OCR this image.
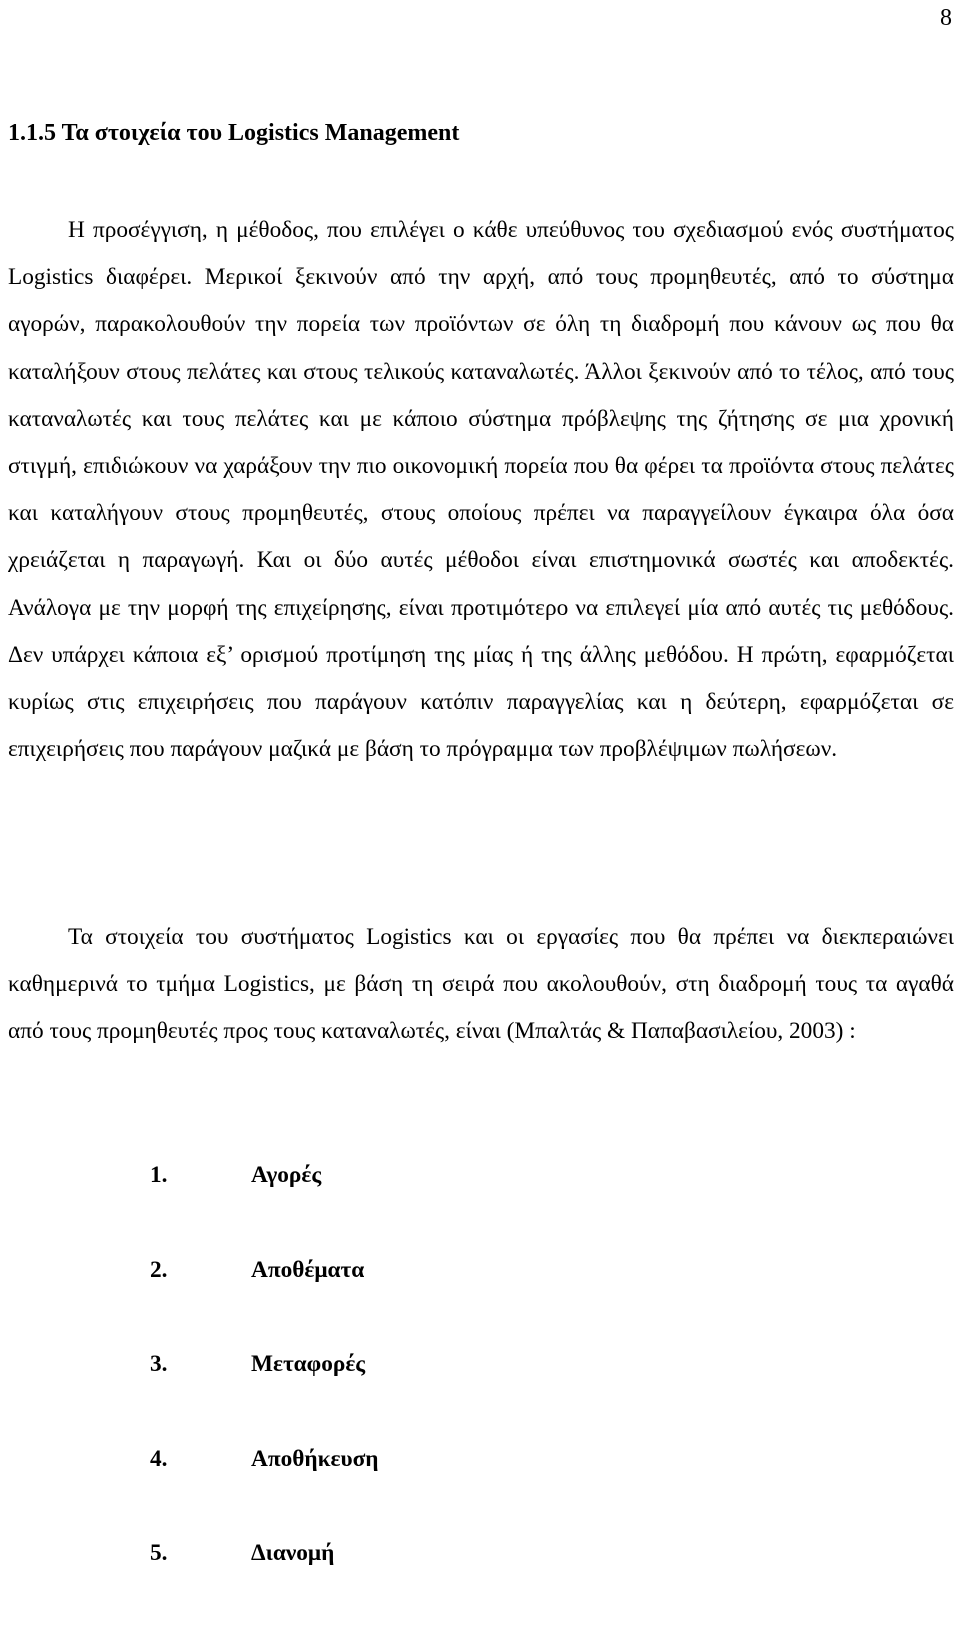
8
1.1.5 Τα στοιχεία του Logistics Management

Η προσέγγιση, η μέθοδος, που επιλέγει ο κάθε υπεύθυνος του σχεδιασμού ενός συστήματος Logistics διαφέρει. Μερικοί ξεκινούν από την αρχή, από τους προμηθευτές, από το σύστημα αγορών, παρακολουθούν την πορεία των προϊόντων σε όλη τη διαδρομή που κάνουν ως που θα καταλήξουν στους πελάτες και στους τελικούς καταναλωτές. Άλλοι ξεκινούν από το τέλος, από τους καταναλωτές και τους πελάτες και με κάποιο σύστημα πρόβλεψης της ζήτησης σε μια χρονική στιγμή, επιδιώκουν να χαράξουν την πιο οικονομική πορεία που θα φέρει τα προϊόντα στους πελάτες και καταλήγουν στους προμηθευτές, στους οποίους πρέπει να παραγγείλουν έγκαιρα όλα όσα χρειάζεται η παραγωγή. Και οι δύο αυτές μέθοδοι είναι επιστημονικά σωστές και αποδεκτές. Ανάλογα με την μορφή της επιχείρησης, είναι προτιμότερο να επιλεγεί μία από αυτές τις μεθόδους. Δεν υπάρχει κάποια εξ’ ορισμού προτίμηση της μίας ή της άλλης μεθόδου. Η πρώτη, εφαρμόζεται κυρίως στις επιχειρήσεις που παράγουν κατόπιν παραγγελίας και η δεύτερη, εφαρμόζεται σε επιχειρήσεις που παράγουν μαζικά με βάση το πρόγραμμα των προβλέψιμων πωλήσεων.

Τα στοιχεία του συστήματος Logistics και οι εργασίες που θα πρέπει να διεκπεραιώνει καθημερινά το τμήμα Logistics, με βάση τη σειρά που ακολουθούν, στη διαδρομή τους τα αγαθά από τους προμηθευτές προς τους καταναλωτές, είναι (Μπαλτάς & Παπαβασιλείου, 2003) :

1.	Αγορές
2.	Αποθέματα
3.	Μεταφορές
4.	Αποθήκευση
5.	Διανομή
